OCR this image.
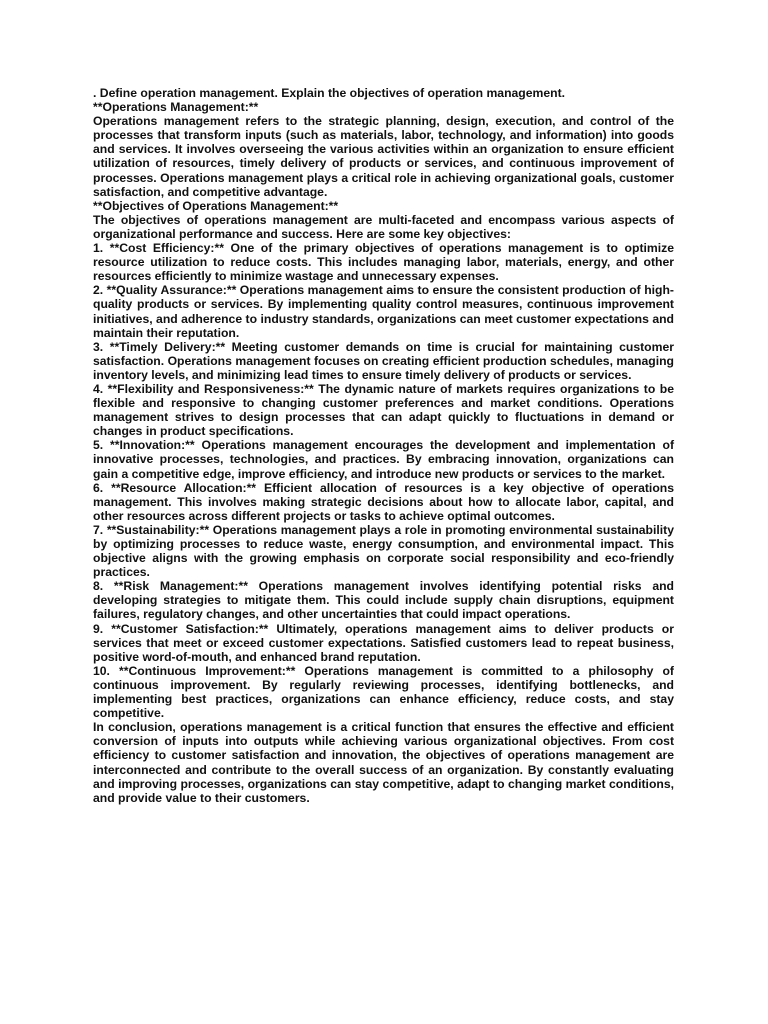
. Define operation management. Explain the objectives of operation management.

**Operations Management:**

Operations management refers to the strategic planning, design, execution, and control of the processes that transform inputs (such as materials, labor, technology, and information) into goods and services. It involves overseeing the various activities within an organization to ensure efficient utilization of resources, timely delivery of products or services, and continuous improvement of processes. Operations management plays a critical role in achieving organizational goals, customer satisfaction, and competitive advantage.

**Objectives of Operations Management:**

The objectives of operations management are multi-faceted and encompass various aspects of organizational performance and success. Here are some key objectives:

1. **Cost Efficiency:** One of the primary objectives of operations management is to optimize resource utilization to reduce costs. This includes managing labor, materials, energy, and other resources efficiently to minimize wastage and unnecessary expenses.

2. **Quality Assurance:** Operations management aims to ensure the consistent production of high-quality products or services. By implementing quality control measures, continuous improvement initiatives, and adherence to industry standards, organizations can meet customer expectations and maintain their reputation.

3. **Timely Delivery:** Meeting customer demands on time is crucial for maintaining customer satisfaction. Operations management focuses on creating efficient production schedules, managing inventory levels, and minimizing lead times to ensure timely delivery of products or services.

4. **Flexibility and Responsiveness:** The dynamic nature of markets requires organizations to be flexible and responsive to changing customer preferences and market conditions. Operations management strives to design processes that can adapt quickly to fluctuations in demand or changes in product specifications.

5. **Innovation:** Operations management encourages the development and implementation of innovative processes, technologies, and practices. By embracing innovation, organizations can gain a competitive edge, improve efficiency, and introduce new products or services to the market.

6. **Resource Allocation:** Efficient allocation of resources is a key objective of operations management. This involves making strategic decisions about how to allocate labor, capital, and other resources across different projects or tasks to achieve optimal outcomes.

7. **Sustainability:** Operations management plays a role in promoting environmental sustainability by optimizing processes to reduce waste, energy consumption, and environmental impact. This objective aligns with the growing emphasis on corporate social responsibility and eco-friendly practices.

8. **Risk Management:** Operations management involves identifying potential risks and developing strategies to mitigate them. This could include supply chain disruptions, equipment failures, regulatory changes, and other uncertainties that could impact operations.

9. **Customer Satisfaction:** Ultimately, operations management aims to deliver products or services that meet or exceed customer expectations. Satisfied customers lead to repeat business, positive word-of-mouth, and enhanced brand reputation.

10. **Continuous Improvement:** Operations management is committed to a philosophy of continuous improvement. By regularly reviewing processes, identifying bottlenecks, and implementing best practices, organizations can enhance efficiency, reduce costs, and stay competitive.

In conclusion, operations management is a critical function that ensures the effective and efficient conversion of inputs into outputs while achieving various organizational objectives. From cost efficiency to customer satisfaction and innovation, the objectives of operations management are interconnected and contribute to the overall success of an organization. By constantly evaluating and improving processes, organizations can stay competitive, adapt to changing market conditions, and provide value to their customers.
